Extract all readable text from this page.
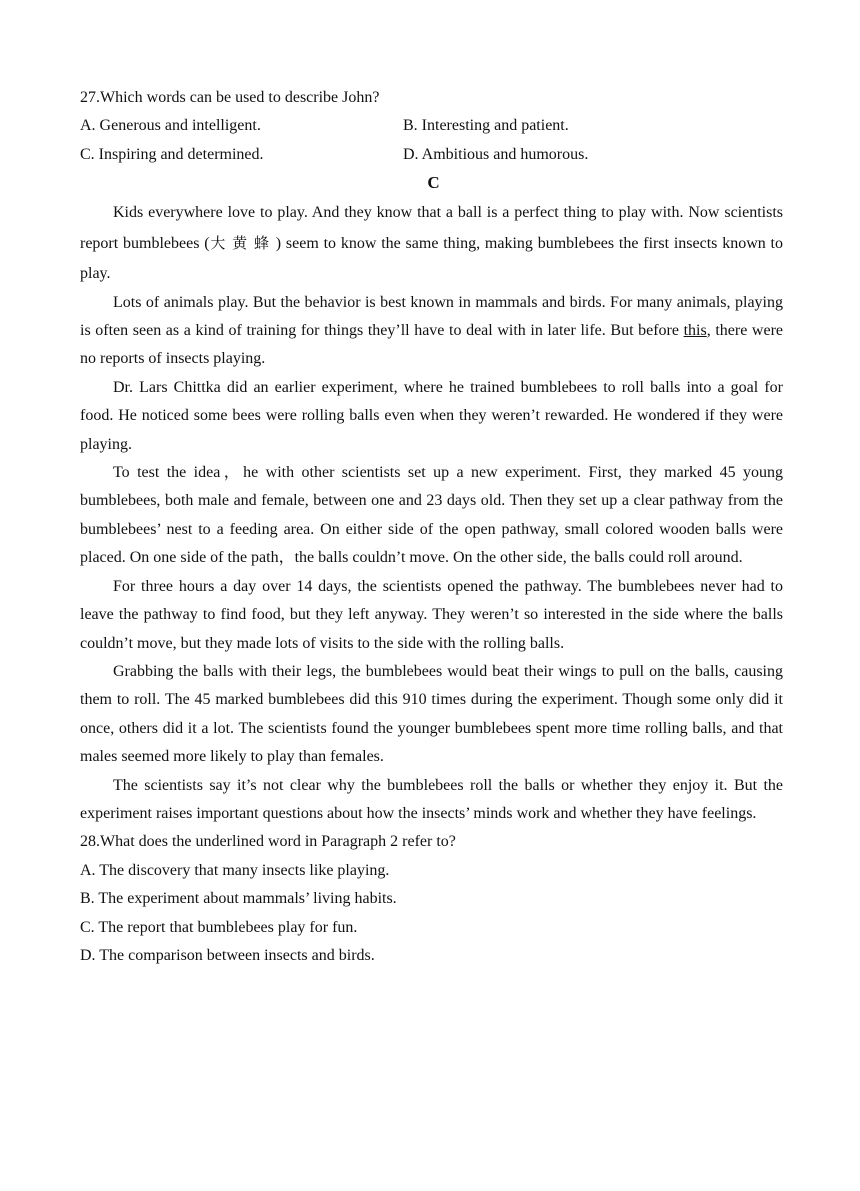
27.Which words can be used to describe John?

A. Generous and intelligent.	B. Interesting and patient.
C. Inspiring and determined.	D. Ambitious and humorous.

C

Kids everywhere love to play. And they know that a ball is a perfect thing to play with. Now scientists report bumblebees (大黄蜂) seem to know the same thing, making bumblebees the first insects known to play.

Lots of animals play. But the behavior is best known in mammals and birds. For many animals, playing is often seen as a kind of training for things they’ll have to deal with in later life. But before this, there were no reports of insects playing.

Dr. Lars Chittka did an earlier experiment, where he trained bumblebees to roll balls into a goal for food. He noticed some bees were rolling balls even when they weren’t rewarded. He wondered if they were playing.

To test the idea，he with other scientists set up a new experiment. First, they marked 45 young bumblebees, both male and female, between one and 23 days old. Then they set up a clear pathway from the bumblebees’ nest to a feeding area. On either side of the open pathway, small colored wooden balls were placed. On one side of the path，the balls couldn’t move. On the other side, the balls could roll around.

For three hours a day over 14 days, the scientists opened the pathway. The bumblebees never had to leave the pathway to find food, but they left anyway. They weren’t so interested in the side where the balls couldn’t move, but they made lots of visits to the side with the rolling balls.

Grabbing the balls with their legs, the bumblebees would beat their wings to pull on the balls, causing them to roll. The 45 marked bumblebees did this 910 times during the experiment. Though some only did it once, others did it a lot. The scientists found the younger bumblebees spent more time rolling balls, and that males seemed more likely to play than females.

The scientists say it’s not clear why the bumblebees roll the balls or whether they enjoy it. But the experiment raises important questions about how the insects’ minds work and whether they have feelings.

28.What does the underlined word in Paragraph 2 refer to?

A. The discovery that many insects like playing.

B. The experiment about mammals’ living habits.

C. The report that bumblebees play for fun.

D. The comparison between insects and birds.
